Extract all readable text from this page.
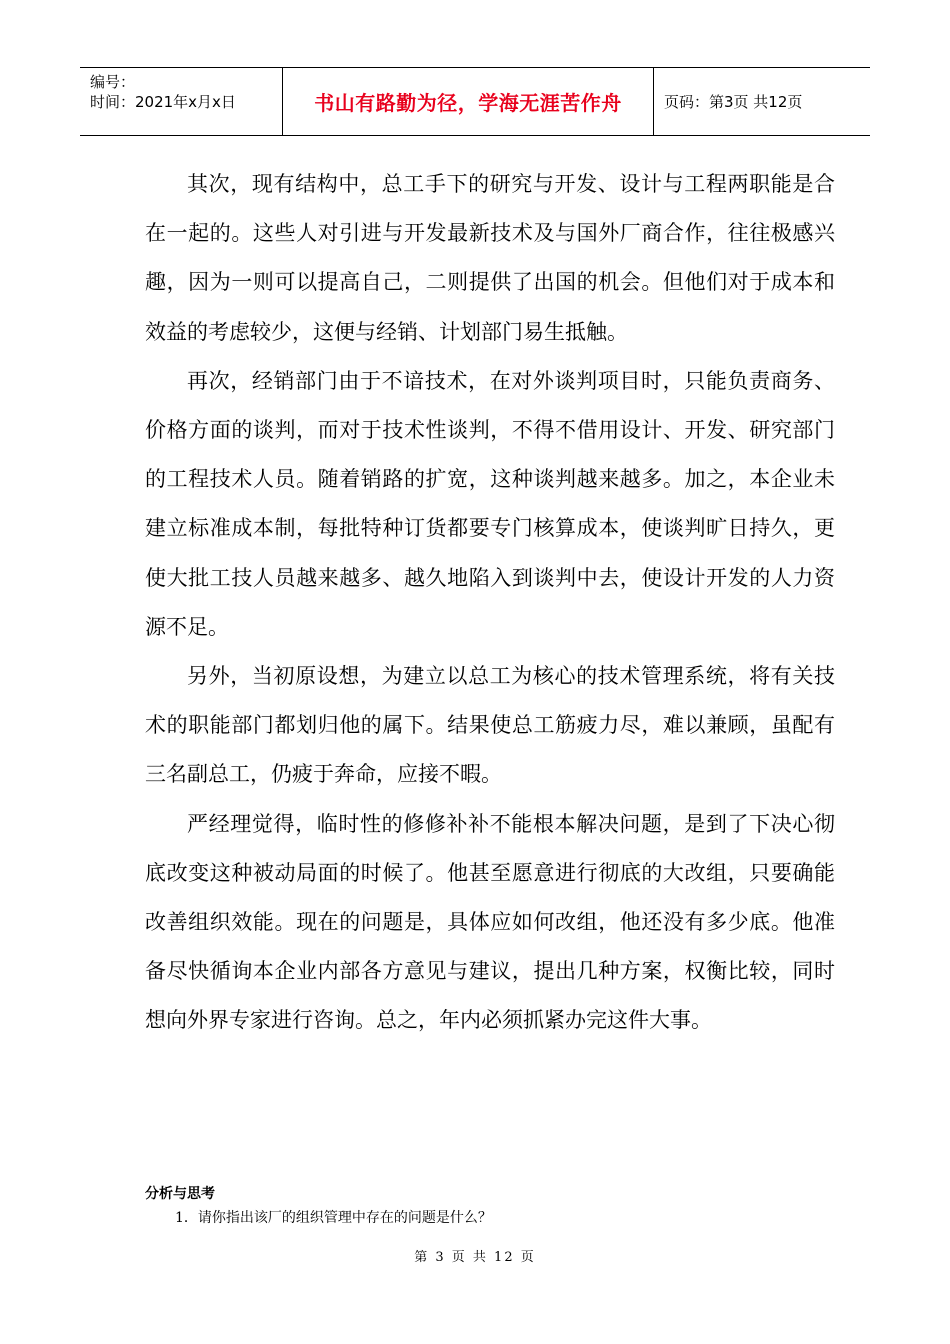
编号：
时间：2021年x月x日	书山有路勤为径，学海无涯苦作舟	页码：第3页 共12页

其次，现有结构中，总工手下的研究与开发、设计与工程两职能是合在一起的。这些人对引进与开发最新技术及与国外厂商合作，往往极感兴趣，因为一则可以提高自己，二则提供了出国的机会。但他们对于成本和效益的考虑较少，这便与经销、计划部门易生抵触。

再次，经销部门由于不谙技术，在对外谈判项目时，只能负责商务、价格方面的谈判，而对于技术性谈判，不得不借用设计、开发、研究部门的工程技术人员。随着销路的扩宽，这种谈判越来越多。加之，本企业未建立标准成本制，每批特种订货都要专门核算成本，使谈判旷日持久，更使大批工技人员越来越多、越久地陷入到谈判中去，使设计开发的人力资源不足。

另外，当初原设想，为建立以总工为核心的技术管理系统，将有关技术的职能部门都划归他的属下。结果使总工筋疲力尽，难以兼顾，虽配有三名副总工，仍疲于奔命，应接不暇。

严经理觉得，临时性的修修补补不能根本解决问题，是到了下决心彻底改变这种被动局面的时候了。他甚至愿意进行彻底的大改组，只要确能改善组织效能。现在的问题是，具体应如何改组，他还没有多少底。他准备尽快循询本企业内部各方意见与建议，提出几种方案，权衡比较，同时想向外界专家进行咨询。总之，年内必须抓紧办完这件大事。

分析与思考
1．请你指出该厂的组织管理中存在的问题是什么？
第 3 页 共 12 页
